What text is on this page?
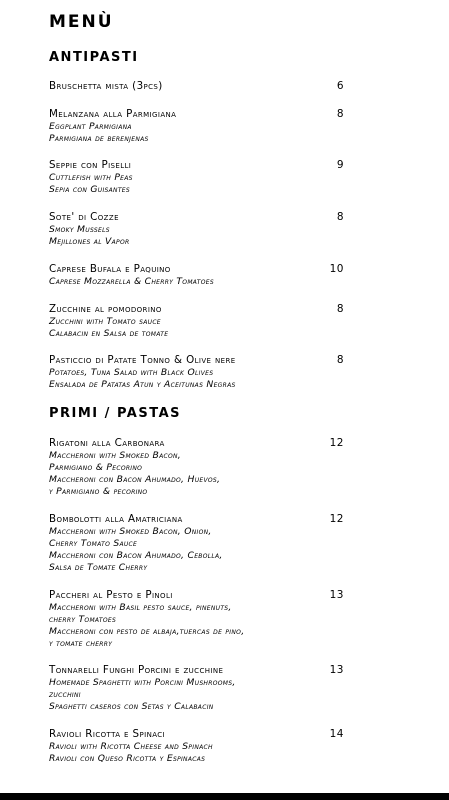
MENÙ
ANTIPASTI
Bruschetta mista (3pcs)	6
Melanzana alla Parmigiana	8
Eggplant Parmigiana
Parmigiana de berenjenas
Seppie con Piselli	9
Cuttlefish with Peas
Sepia con Guisantes
Sote' di Cozze	8
Smoky Mussels
Mejillones al Vapor
Caprese Bufala e Paquino	10
Caprese Mozzarella & Cherry Tomatoes
Zucchine al pomodorino	8
Zucchini with Tomato sauce
Calabacin en Salsa de tomate
Pasticcio di Patate Tonno & Olive nere	8
Potatoes, Tuna Salad with Black Olives
Ensalada de Patatas Atun y Aceitunas Negras
PRIMI / PASTAS
Rigatoni alla Carbonara	12
Maccheroni with Smoked Bacon,
Parmigiano & Pecorino
Maccheroni con Bacon Ahumado, Huevos,
y Parmigiano & pecorino
Bombolotti alla Amatriciana	12
Maccheroni with Smoked Bacon, Onion,
Cherry Tomato Sauce
Maccheroni con Bacon Ahumado, Cebolla,
Salsa de Tomate Cherry
Paccheri al Pesto e Pinoli	13
Maccheroni with Basil pesto sauce, pinenuts,
cherry Tomatoes
Maccheroni con pesto de albaja,tuercas de pino,
y tomate cherry
Tonnarelli Funghi Porcini e zucchine	13
Homemade Spaghetti with Porcini Mushrooms,
zucchini
Spaghetti caseros con Setas y Calabacin
Ravioli Ricotta e Spinaci	14
Ravioli with Ricotta Cheese and Spinach
Ravioli con Queso Ricotta y Espinacas
